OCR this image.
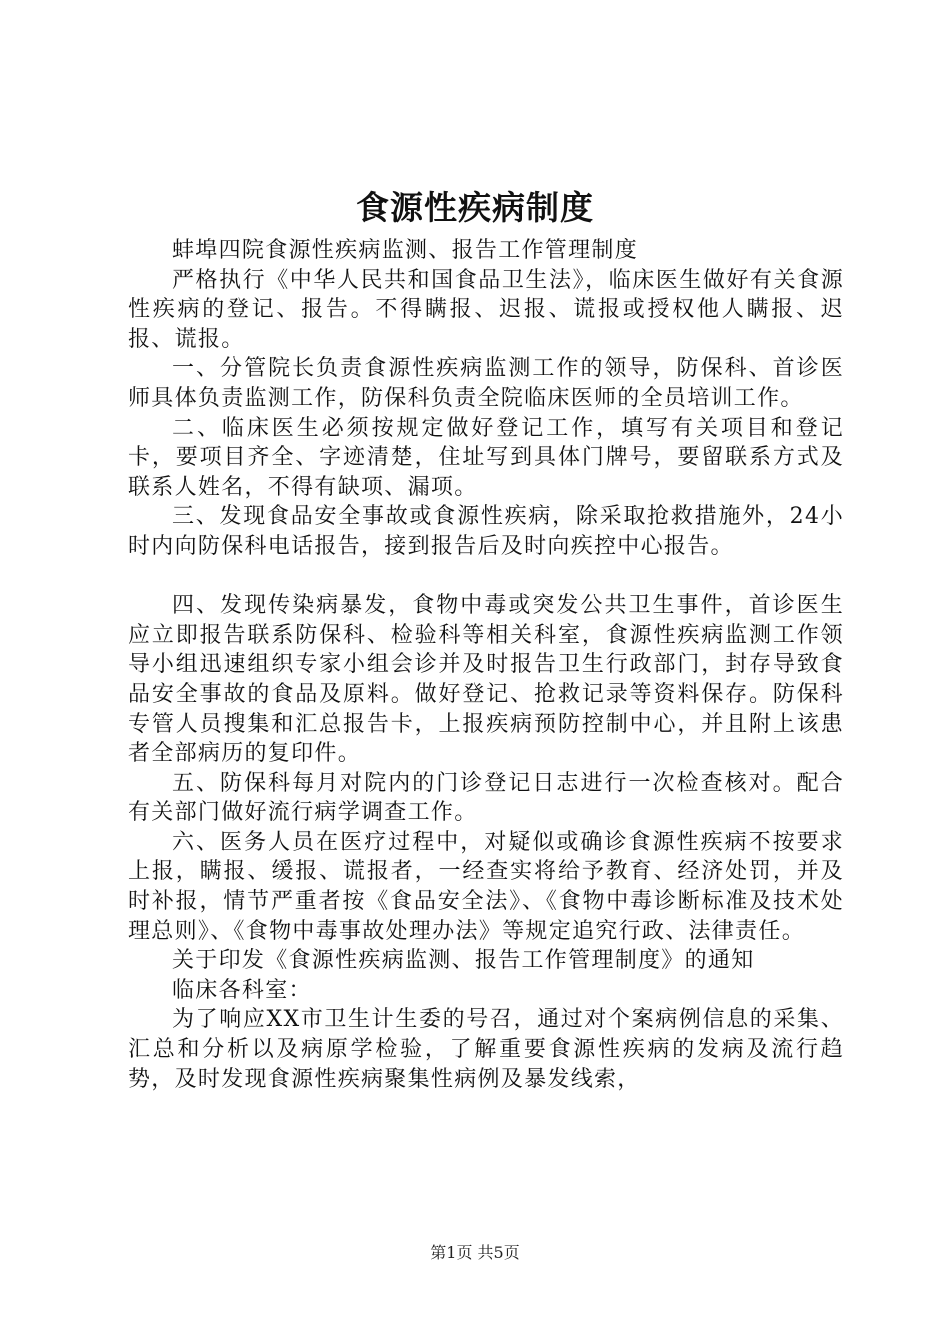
食源性疾病制度

蚌埠四院食源性疾病监测、报告工作管理制度

严格执行《中华人民共和国食品卫生法》，临床医生做好有关食源性疾病的登记、报告。不得瞒报、迟报、谎报或授权他人瞒报、迟报、谎报。

一、分管院长负责食源性疾病监测工作的领导，防保科、首诊医师具体负责监测工作，防保科负责全院临床医师的全员培训工作。

二、临床医生必须按规定做好登记工作，填写有关项目和登记卡，要项目齐全、字迹清楚，住址写到具体门牌号，要留联系方式及联系人姓名，不得有缺项、漏项。

三、发现食品安全事故或食源性疾病，除采取抢救措施外，24小时内向防保科电话报告，接到报告后及时向疾控中心报告。

四、发现传染病暴发，食物中毒或突发公共卫生事件，首诊医生应立即报告联系防保科、检验科等相关科室，食源性疾病监测工作领导小组迅速组织专家小组会诊并及时报告卫生行政部门，封存导致食品安全事故的食品及原料。做好登记、抢救记录等资料保存。防保科专管人员搜集和汇总报告卡，上报疾病预防控制中心，并且附上该患者全部病历的复印件。

五、防保科每月对院内的门诊登记日志进行一次检查核对。配合有关部门做好流行病学调查工作。

六、医务人员在医疗过程中，对疑似或确诊食源性疾病不按要求上报，瞒报、缓报、谎报者，一经查实将给予教育、经济处罚，并及时补报，情节严重者按《食品安全法》、《食物中毒诊断标准及技术处理总则》、《食物中毒事故处理办法》等规定追究行政、法律责任。

关于印发《食源性疾病监测、报告工作管理制度》的通知

临床各科室：

为了响应XX市卫生计生委的号召，通过对个案病例信息的采集、汇总和分析以及病原学检验，了解重要食源性疾病的发病及流行趋势，及时发现食源性疾病聚集性病例及暴发线索，

第1页 共5页
